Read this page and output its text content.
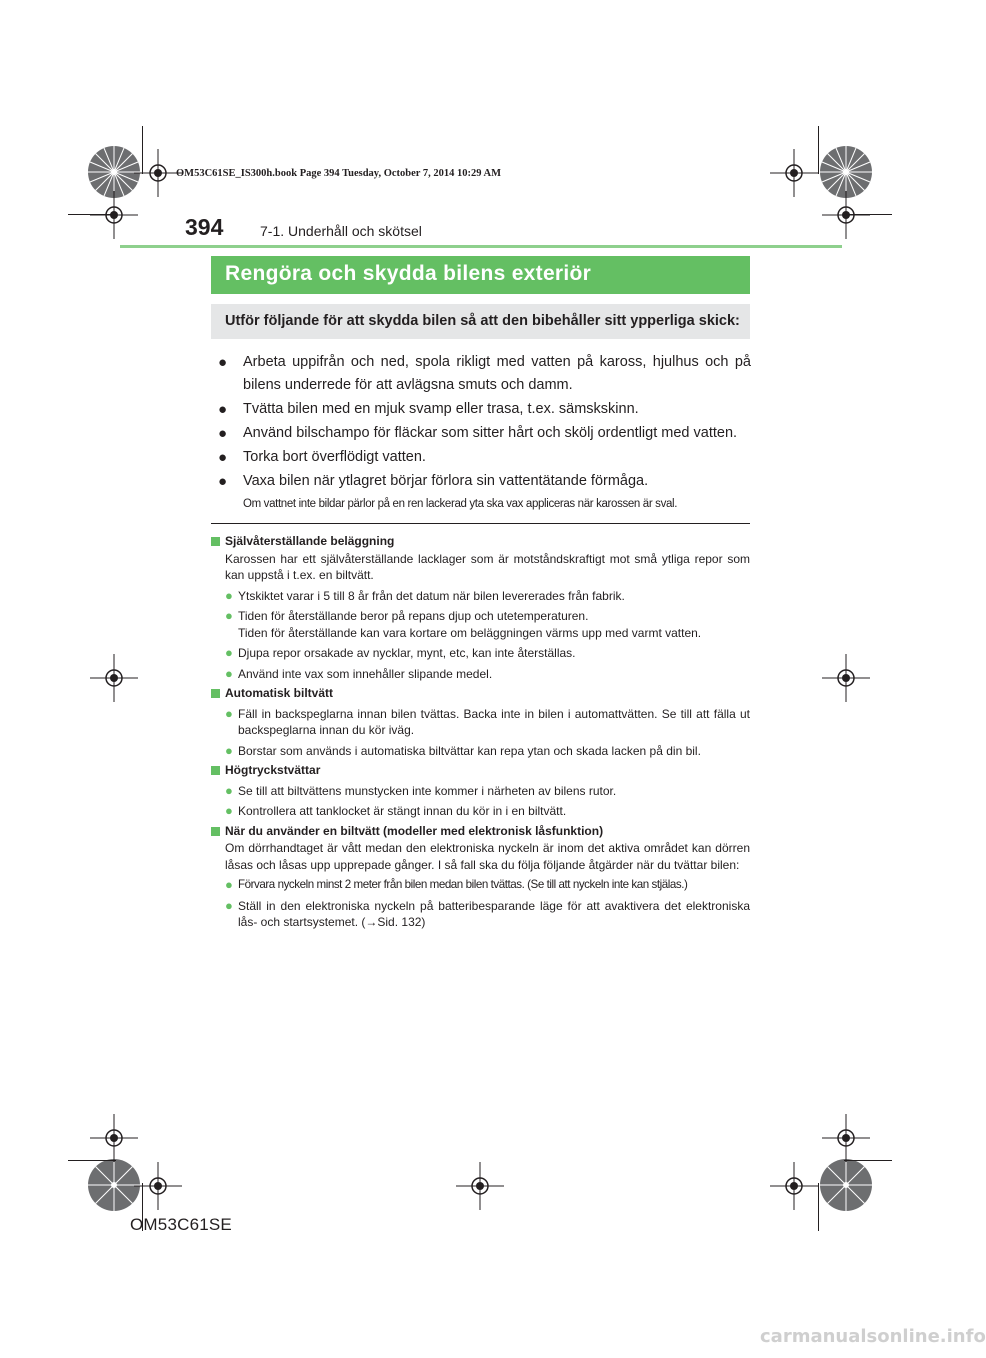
OM53C61SE_IS300h.book Page 394 Tuesday, October 7, 2014 10:29 AM
394	7-1. Underhåll och skötsel
Rengöra och skydda bilens exteriör
Utför följande för att skydda bilen så att den bibehåller sitt ypperliga skick:
● Arbeta uppifrån och ned, spola rikligt med vatten på kaross, hjulhus och på bilens underrede för att avlägsna smuts och damm.
● Tvätta bilen med en mjuk svamp eller trasa, t.ex. sämskskinn.
● Använd bilschampo för fläckar som sitter hårt och skölj ordentligt med vatten.
● Torka bort överflödigt vatten.
● Vaxa bilen när ytlagret börjar förlora sin vattentätande förmåga.
Om vattnet inte bildar pärlor på en ren lackerad yta ska vax appliceras när karossen är sval.
Självåterställande beläggning
Karossen har ett självåterställande lacklager som är motståndskraftigt mot små ytliga repor som kan uppstå i t.ex. en biltvätt.
● Ytskiktet varar i 5 till 8 år från det datum när bilen levererades från fabrik.
● Tiden för återställande beror på repans djup och utetemperaturen.
Tiden för återställande kan vara kortare om beläggningen värms upp med varmt vatten.
● Djupa repor orsakade av nycklar, mynt, etc, kan inte återställas.
● Använd inte vax som innehåller slipande medel.
Automatisk biltvätt
● Fäll in backspeglarna innan bilen tvättas. Backa inte in bilen i automattvätten. Se till att fälla ut backspeglarna innan du kör iväg.
● Borstar som används i automatiska biltvättar kan repa ytan och skada lacken på din bil.
Högtryckstvättar
● Se till att biltvättens munstycken inte kommer i närheten av bilens rutor.
● Kontrollera att tanklocket är stängt innan du kör in i en biltvätt.
När du använder en biltvätt (modeller med elektronisk låsfunktion)
Om dörrhandtaget är vått medan den elektroniska nyckeln är inom det aktiva området kan dörren låsas och låsas upp upprepade gånger. I så fall ska du följa följande åtgärder när du tvättar bilen:
● Förvara nyckeln minst 2 meter från bilen medan bilen tvättas. (Se till att nyckeln inte kan stjälas.)
● Ställ in den elektroniska nyckeln på batteribesparande läge för att avaktivera det elektroniska lås- och startsystemet. (→Sid. 132)
OM53C61SE
carmanualsonline.info
